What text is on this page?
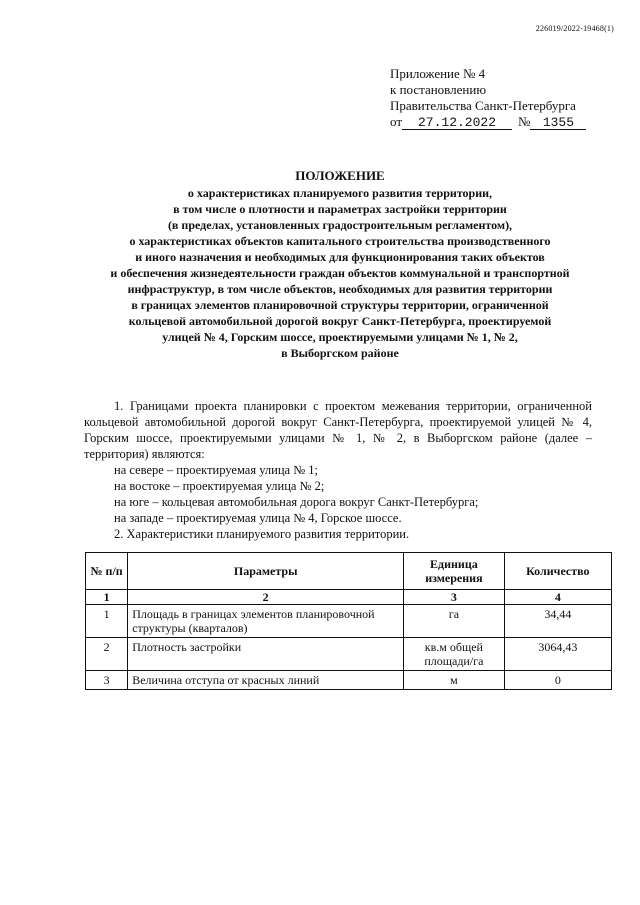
226019/2022-19468(1)
Приложение № 4
к постановлению
Правительства Санкт-Петербурга
от 27.12.2022 № 1355
ПОЛОЖЕНИЕ
о характеристиках планируемого развития территории,
в том числе о плотности и параметрах застройки территории
(в пределах, установленных градостроительным регламентом),
о характеристиках объектов капитального строительства производственного
и иного назначения и необходимых для функционирования таких объектов
и обеспечения жизнедеятельности граждан объектов коммунальной и транспортной
инфраструктур, в том числе объектов, необходимых для развития территории
в границах элементов планировочной структуры территории, ограниченной
кольцевой автомобильной дорогой вокруг Санкт-Петербурга, проектируемой
улицей № 4, Горским шоссе, проектируемыми улицами № 1, № 2,
в Выборгском районе

1. Границами проекта планировки с проектом межевания территории, ограниченной кольцевой автомобильной дорогой вокруг Санкт-Петербурга, проектируемой улицей № 4, Горским шоссе, проектируемыми улицами № 1, № 2, в Выборгском районе (далее – территория) являются:

на севере – проектируемая улица № 1;

на востоке – проектируемая улица № 2;

на юге – кольцевая автомобильная дорога вокруг Санкт-Петербурга;

на западе – проектируемая улица № 4, Горское шоссе.

2. Характеристики планируемого развития территории.

№ п/п	Параметры	Единица измерения	Количество
1	2	3	4
1	Площадь в границах элементов планировочной структуры (кварталов)	га	34,44
2	Плотность застройки	кв.м общей площади/га	3064,43
3	Величина отступа от красных линий	м	0
